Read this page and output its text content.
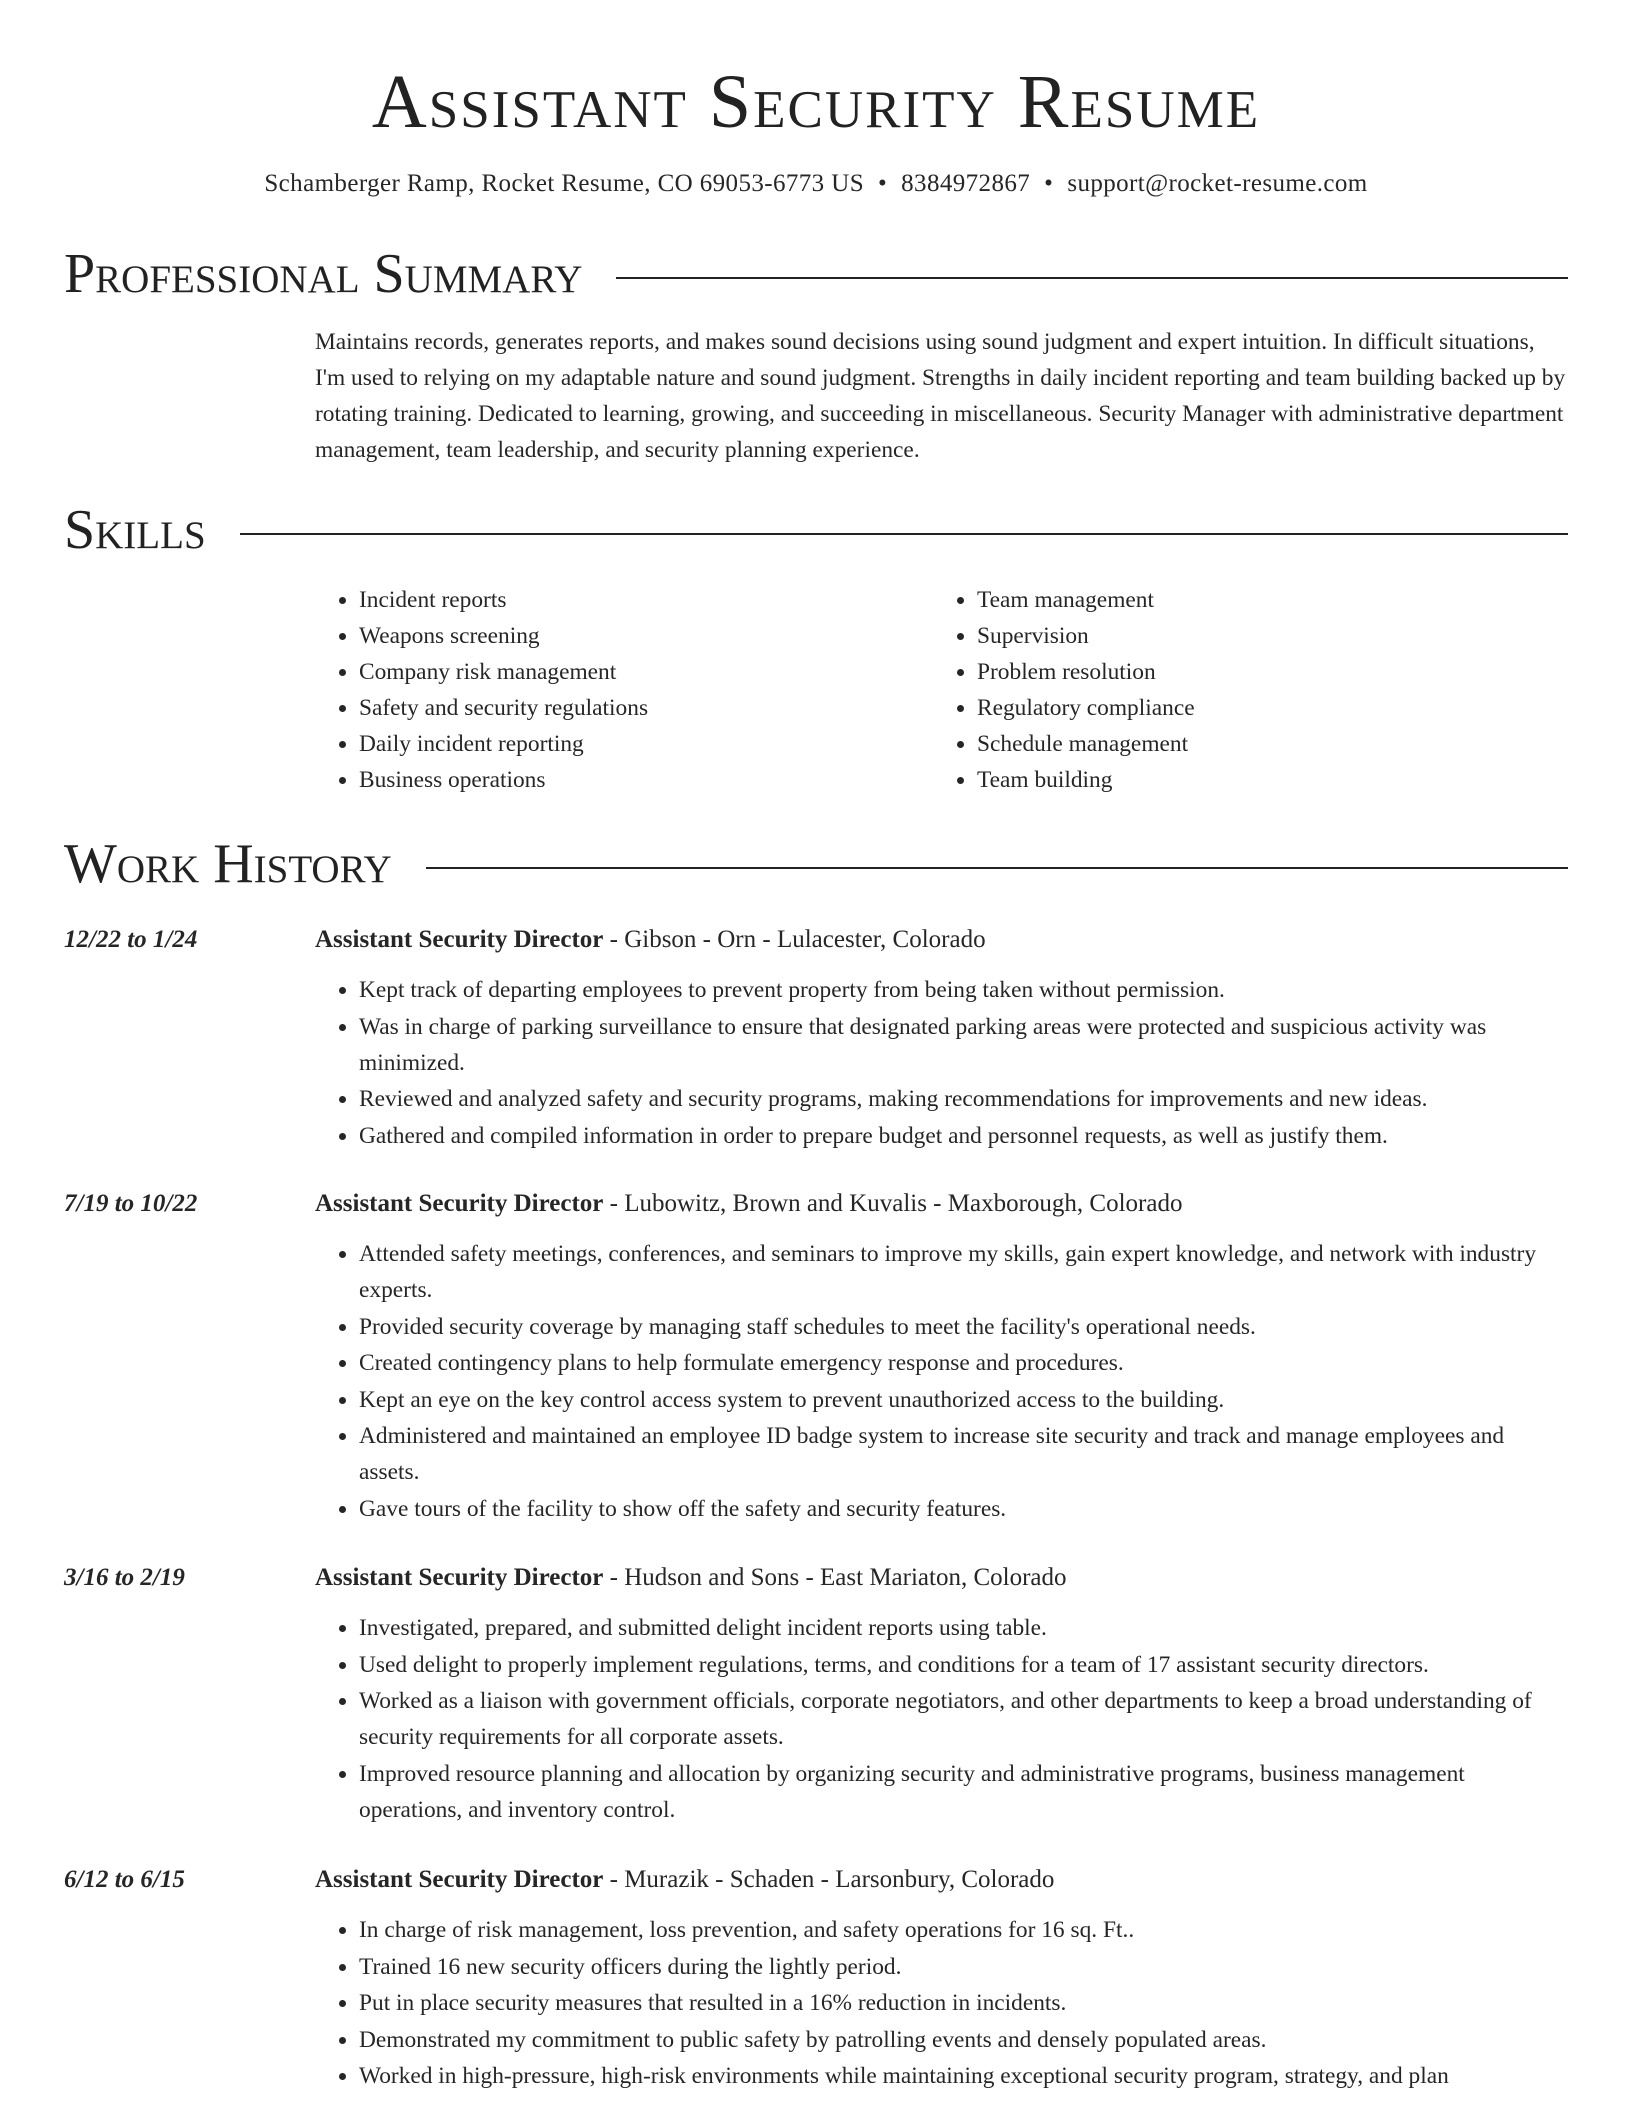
Assistant Security Resume
Schamberger Ramp, Rocket Resume, CO 69053-6773 US • 8384972867 • support@rocket-resume.com
Professional Summary

Maintains records, generates reports, and makes sound decisions using sound judgment and expert intuition. In difficult situations, I'm used to relying on my adaptable nature and sound judgment. Strengths in daily incident reporting and team building backed up by rotating training. Dedicated to learning, growing, and succeeding in miscellaneous. Security Manager with administrative department management, team leadership, and security planning experience.

Skills
• Incident reports
• Weapons screening
• Company risk management
• Safety and security regulations
• Daily incident reporting
• Business operations
• Team management
• Supervision
• Problem resolution
• Regulatory compliance
• Schedule management
• Team building
Work History
12/22 to 1/24	Assistant Security Director - Gibson - Orn - Lulacester, Colorado
• Kept track of departing employees to prevent property from being taken without permission.
• Was in charge of parking surveillance to ensure that designated parking areas were protected and suspicious activity was minimized.
• Reviewed and analyzed safety and security programs, making recommendations for improvements and new ideas.
• Gathered and compiled information in order to prepare budget and personnel requests, as well as justify them.
7/19 to 10/22	Assistant Security Director - Lubowitz, Brown and Kuvalis - Maxborough, Colorado
• Attended safety meetings, conferences, and seminars to improve my skills, gain expert knowledge, and network with industry experts.
• Provided security coverage by managing staff schedules to meet the facility's operational needs.
• Created contingency plans to help formulate emergency response and procedures.
• Kept an eye on the key control access system to prevent unauthorized access to the building.
• Administered and maintained an employee ID badge system to increase site security and track and manage employees and assets.
• Gave tours of the facility to show off the safety and security features.
3/16 to 2/19	Assistant Security Director - Hudson and Sons - East Mariaton, Colorado
• Investigated, prepared, and submitted delight incident reports using table.
• Used delight to properly implement regulations, terms, and conditions for a team of 17 assistant security directors.
• Worked as a liaison with government officials, corporate negotiators, and other departments to keep a broad understanding of security requirements for all corporate assets.
• Improved resource planning and allocation by organizing security and administrative programs, business management operations, and inventory control.
6/12 to 6/15	Assistant Security Director - Murazik - Schaden - Larsonbury, Colorado
• In charge of risk management, loss prevention, and safety operations for 16 sq. Ft..
• Trained 16 new security officers during the lightly period.
• Put in place security measures that resulted in a 16% reduction in incidents.
• Demonstrated my commitment to public safety by patrolling events and densely populated areas.
• Worked in high-pressure, high-risk environments while maintaining exceptional security program, strategy, and plan
